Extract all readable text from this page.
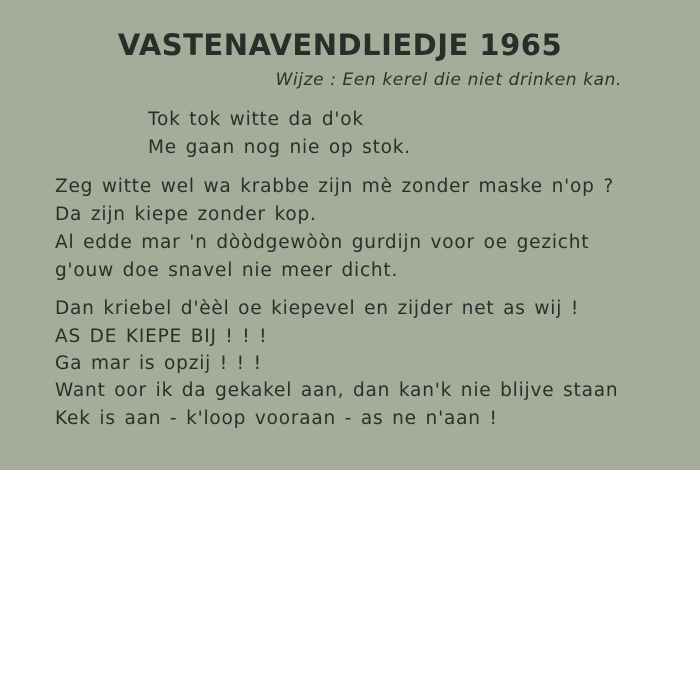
VASTENAVENDLIEDJE 1965
Wijze : Een kerel die niet drinken kan.
Tok tok witte da d'ok
Me gaan nog nie op stok.
Zeg witte wel wa krabbe zijn mè zonder maske n'op ?
Da zijn kiepe zonder kop.
Al edde mar 'n dòòdgewòòn gurdijn voor oe gezicht
g'ouw doe snavel nie meer dicht.
Dan kriebel d'èèl oe kiepevel en zijder net as wij !
AS DE KIEPE BIJ ! ! !
Ga mar is opzij ! ! !
Want oor ik da gekakel aan, dan kan'k nie blijve staan
Kek is aan - k'loop vooraan - as ne n'aan !
